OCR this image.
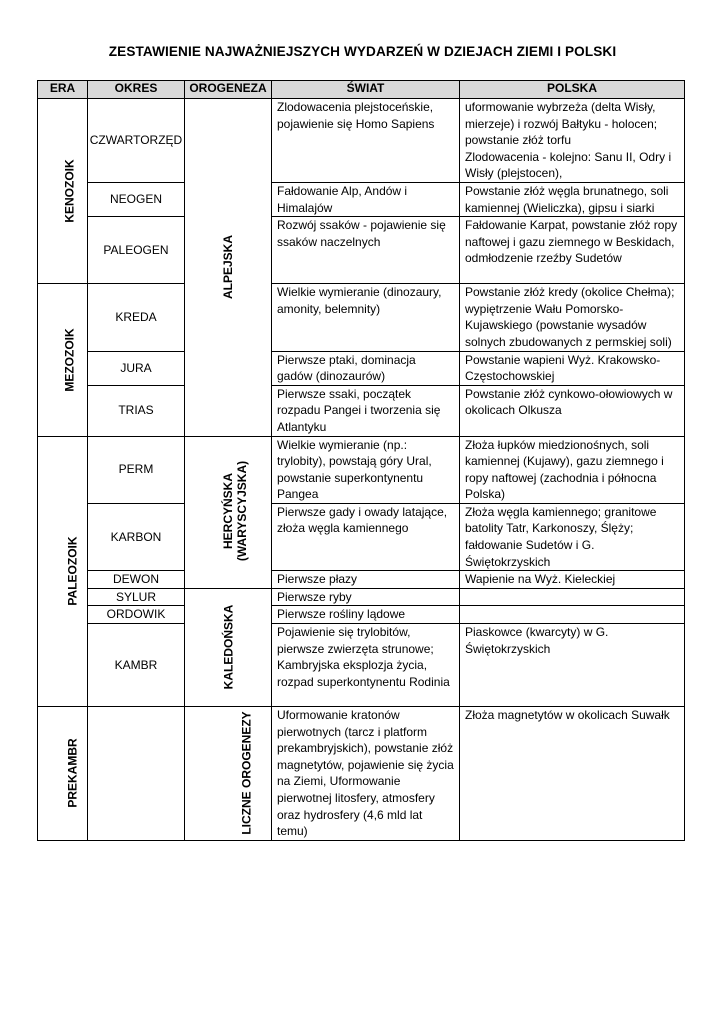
ZESTAWIENIE NAJWAŻNIEJSZYCH WYDARZEŃ W DZIEJACH ZIEMI I POLSKI
ERA	OKRES	OROGENEZA	ŚWIAT	POLSKA
KENOZOIK	CZWARTORZĘD	ALPEJSKA	Zlodowacenia plejstoceńskie, pojawienie się Homo Sapiens	uformowanie wybrzeża (delta Wisły, mierzeje) i rozwój Bałtyku - holocen; powstanie złóż torfu
Zlodowacenia - kolejno: Sanu II, Odry i Wisły (plejstocen),

	NEOGEN		Fałdowanie Alp, Andów i Himalajów	Powstanie złóż węgla brunatnego, soli kamiennej (Wieliczka), gipsu i siarki
	PALEOGEN		Rozwój ssaków - pojawienie się ssaków naczelnych	Fałdowanie Karpat, powstanie złóż ropy naftowej i gazu ziemnego w Beskidach, odmłodzenie rzeźby Sudetów
MEZOZOIK	KREDA		Wielkie wymieranie (dinozaury, amonity, belemnity)	Powstanie złóż kredy (okolice Chełma); wypiętrzenie Wału Pomorsko-Kujawskiego (powstanie wysadów solnych zbudowanych z permskiej soli)
	JURA		Pierwsze ptaki, dominacja gadów (dinozaurów)	Powstanie wapieni Wyż. Krakowsko-Częstochowskiej
	TRIAS		Pierwsze ssaki, początek rozpadu Pangei i tworzenia się Atlantyku	Powstanie złóż cynkowo-ołowiowych w okolicach Olkusza
PALEOZOIK	PERM	HERCYŃSKA (WARYSCYJSKA)	Wielkie wymieranie (np.: trylobity), powstają góry Ural, powstanie superkontynentu Pangea	Złoża łupków miedzionośnych, soli kamiennej (Kujawy), gazu ziemnego i ropy naftowej (zachodnia i północna Polska)
	KARBON		Pierwsze gady i owady latające, złoża węgla kamiennego	Złoża węgla kamiennego; granitowe batolity Tatr, Karkonoszy, Ślęży; fałdowanie Sudetów i G. Świętokrzyskich
	DEWON		Pierwsze płazy	Wapienie na Wyż. Kieleckiej
	SYLUR	KALEDOŃSKA	Pierwsze ryby	
	ORDOWIK		Pierwsze rośliny lądowe	
	KAMBR		Pojawienie się trylobitów, pierwsze zwierzęta strunowe; Kambryjska eksplozja życia, rozpad superkontynentu Rodinia	Piaskowce (kwarcyty) w G. Świętokrzyskich
PREKAMBR		LICZNE OROGENEZY	Uformowanie kratonów pierwotnych (tarcz i platform prekambryjskich), powstanie złóż magnetytów, pojawienie się życia na Ziemi, Uformowanie pierwotnej litosfery, atmosfery oraz hydrosfery (4,6 mld lat temu)	Złoża magnetytów w okolicach Suwałk
